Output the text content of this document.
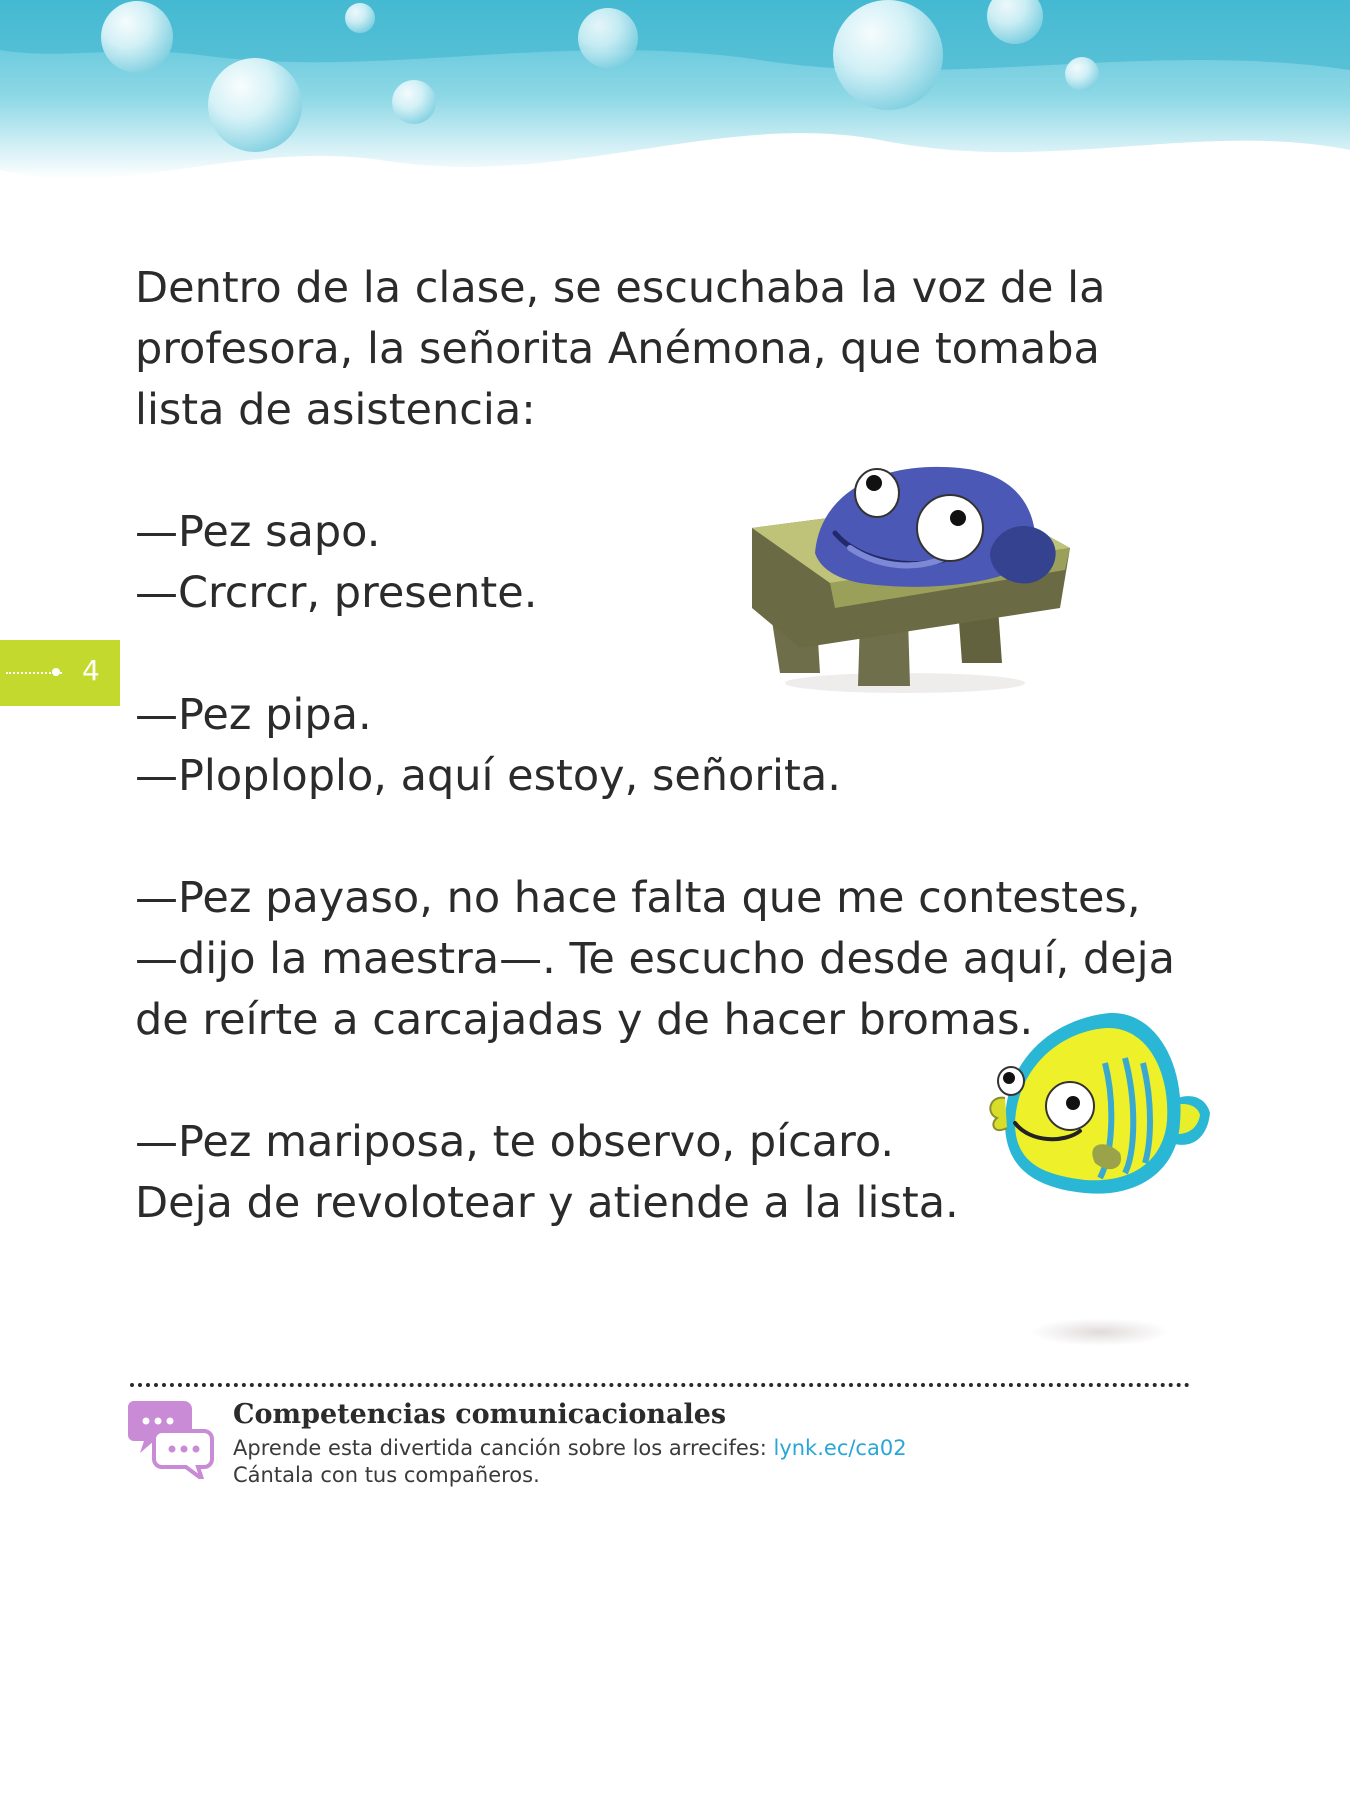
4

Dentro de la clase, se escuchaba la voz de la

profesora, la señorita Anémona, que tomaba

lista de asistencia:

—Pez sapo.

—Crcrcr, presente.

—Pez pipa.

—Ploploplo, aquí estoy, señorita.

—Pez payaso, no hace falta que me contestes,

—dijo la maestra—. Te escucho desde aquí, deja

de reírte a carcajadas y de hacer bromas.

—Pez mariposa, te observo, pícaro.

Deja de revolotear y atiende a la lista.

Competencias comunicacionales
Aprende esta divertida canción sobre los arrecifes: lynk.ec/ca02
Cántala con tus compañeros.
